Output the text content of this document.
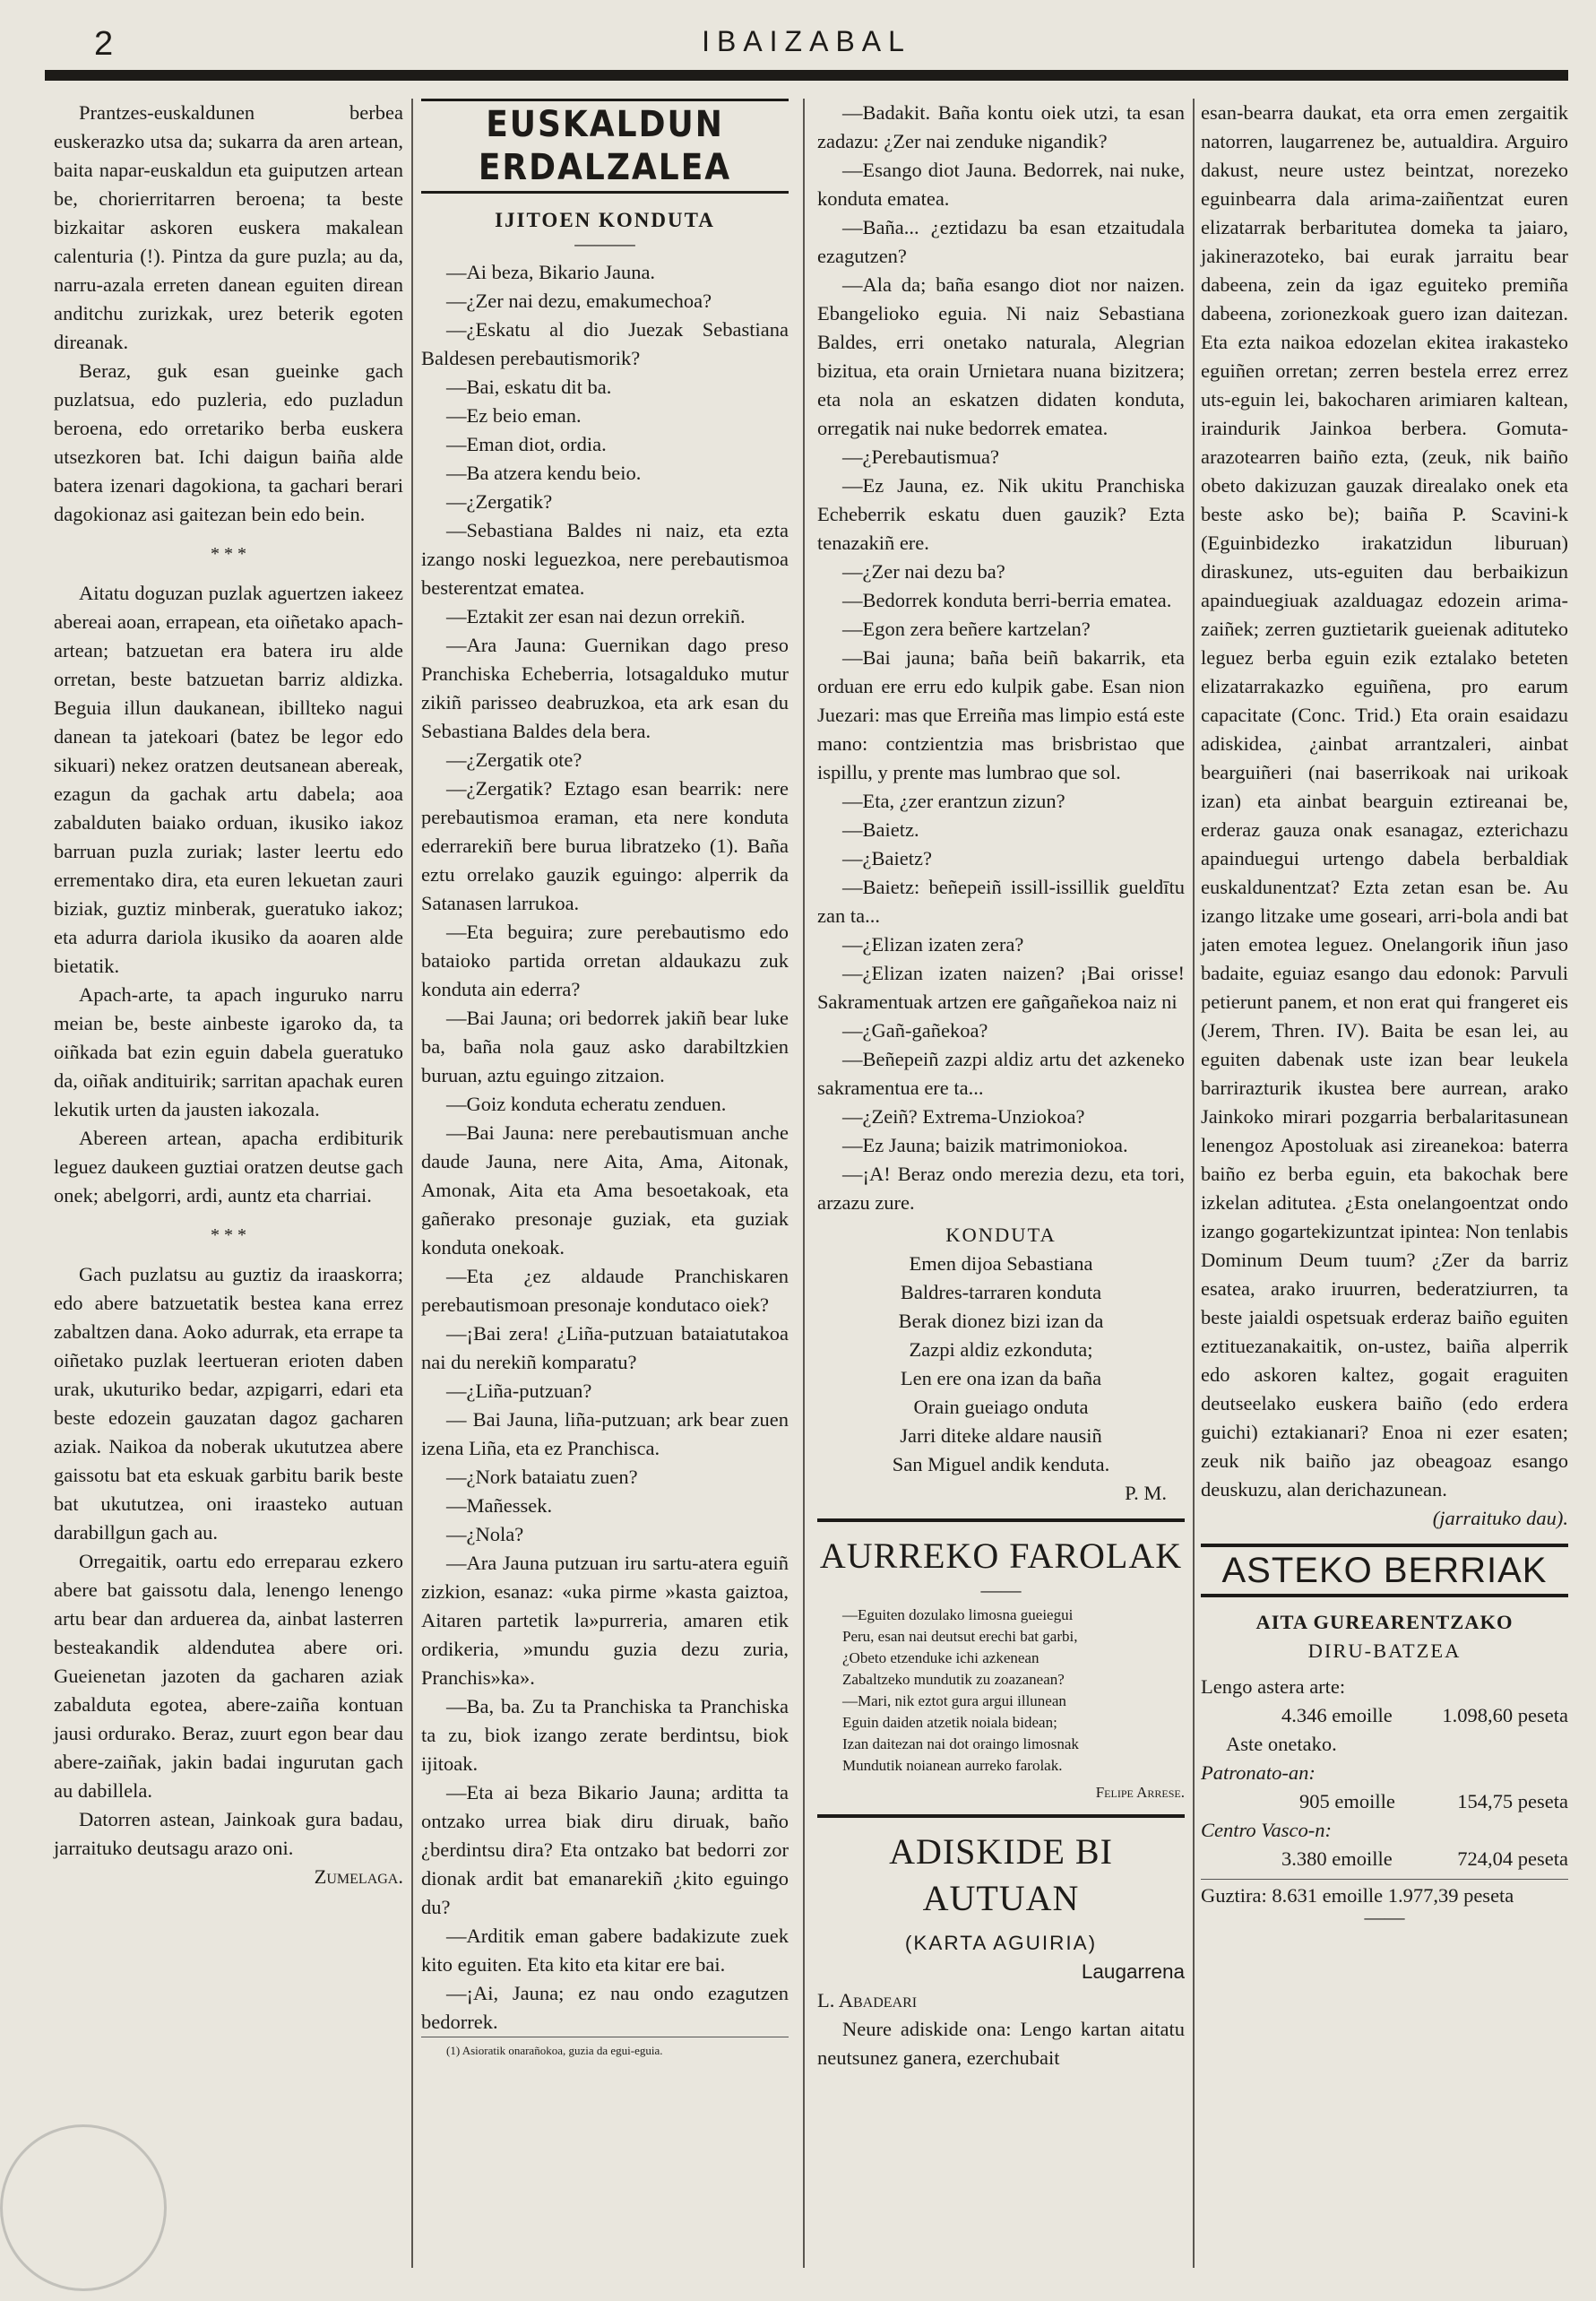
2	IBAIZABAL

Prantzes-euskaldunen berbea euskerazko utsa da; sukarra da aren artean, baita napar-euskaldun eta guiputzen artean be, chorierritarren beroena; ta beste bizkaitar askoren euskera makalean calenturia (!). Pintza da gure puzla; au da, narru-azala erreten danean eguiten direan anditchu zurizkak, urez beterik egoten direanak.

Beraz, guk esan gueinke gach puzlatsua, edo puzleria, edo puzladun beroena, edo orretariko berba euskera utsezkoren bat. Ichi daigun baiña alde batera izenari dagokiona, ta gachari berari dagokionaz asi gaitezan bein edo bein.

* * *

Aitatu doguzan puzlak aguertzen iakeez abereai aoan, errapean, eta oiñetako apach-artean; batzuetan era batera iru alde orretan, beste batzuetan barriz aldizka. Beguia illun daukanean, ibillteko nagui danean ta jatekoari (batez be legor edo sikuari) nekez oratzen deutsanean abereak, ezagun da gachak artu dabela; aoa zabalduten baiako orduan, ikusiko iakoz barruan puzla zuriak; laster leertu edo errementako dira, eta euren lekuetan zauri biziak, guztiz minberak, gueratuko iakoz; eta adurra dariola ikusiko da aoaren alde bietatik.

Apach-arte, ta apach inguruko narru meian be, beste ainbeste igaroko da, ta oiñkada bat ezin eguin dabela gueratuko da, oiñak andituirik; sarritan apachak euren lekutik urten da jausten iakozala.

Abereen artean, apacha erdibiturik leguez daukeen guztiai oratzen deutse gach onek; abelgorri, ardi, auntz eta charriai.

* * *

Gach puzlatsu au guztiz da iraaskorra; edo abere batzuetatik bestea kana errez zabaltzen dana. Aoko adurrak, eta errape ta oiñetako puzlak leertueran erioten daben urak, ukuturiko bedar, azpigarri, edari eta beste edozein gauzatan dagoz gacharen aziak. Naikoa da noberak ukututzea abere gaissotu bat eta eskuak garbitu barik beste bat ukututzea, oni iraasteko autuan darabillgun gach au.

Orregaitik, oartu edo erreparau ezkero abere bat gaissotu dala, lenengo lenengo artu bear dan arduerea da, ainbat lasterren besteakandik aldendutea abere ori. Gueienetan jazoten da gacharen aziak zabalduta egotea, abere-zaiña kontuan jausi ordurako. Beraz, zuurt egon bear dau abere-zaiñak, jakin badai ingurutan gach au dabillela.

Datorren astean, Jainkoak gura badau, jarraituko deutsagu arazo oni.

Zumelaga.

EUSKALDUN ERDALZALEA
IJITOEN KONDUTA
———

—Ai beza, Bikario Jauna.

—¿Zer nai dezu, emakumechoa?

—¿Eskatu al dio Juezak Sebastiana Baldesen perebautismorik?

—Bai, eskatu dit ba.

—Ez beio eman.

—Eman diot, ordia.

—Ba atzera kendu beio.

—¿Zergatik?

—Sebastiana Baldes ni naiz, eta ezta izango noski leguezkoa, nere perebautismoa besterentzat ematea.

—Eztakit zer esan nai dezun orrekiñ.

—Ara Jauna: Guernikan dago preso Pranchiska Echeberria, lotsagalduko mutur zikiñ parisseo deabruzkoa, eta ark esan du Sebastiana Baldes dela bera.

—¿Zergatik ote?

—¿Zergatik? Eztago esan bearrik: nere perebautismoa eraman, eta nere konduta ederrarekiñ bere burua libratzeko (1). Baña eztu orrelako gauzik eguingo: alperrik da Satanasen larrukoa.

—Eta beguira; zure perebautismo edo bataioko partida orretan aldaukazu zuk konduta ain ederra?

—Bai Jauna; ori bedorrek jakiñ bear luke ba, baña nola gauz asko darabiltzkien buruan, aztu eguingo zitzaion.

—Goiz konduta echeratu zenduen.

—Bai Jauna: nere perebautismuan anche daude Jauna, nere Aita, Ama, Aitonak, Amonak, Aita eta Ama besoetakoak, eta gañerako presonaje guziak, eta guziak konduta onekoak.

—Eta ¿ez aldaude Pranchiskaren perebautismoan presonaje kondutaco oiek?

—¡Bai zera! ¿Liña-putzuan bataiatutakoa nai du nerekiñ komparatu?

—¿Liña-putzuan?

— Bai Jauna, liña-putzuan; ark bear zuen izena Liña, eta ez Pranchisca.

—¿Nork bataiatu zuen?

—Mañessek.

—¿Nola?

—Ara Jauna putzuan iru sartu-atera eguiñ zizkion, esanaz: «uka pirme »kasta gaiztoa, Aitaren partetik la»purreria, amaren etik ordikeria, »mundu guzia dezu zuria, Pranchis»ka».

—Ba, ba. Zu ta Pranchiska ta Pranchiska ta zu, biok izango zerate berdintsu, biok ijitoak.

—Eta ai beza Bikario Jauna; arditta ta ontzako urrea biak diru diruak, baño ¿berdintsu dira? Eta ontzako bat bedorri zor dionak ardit bat emanarekiñ ¿kito eguingo du?

—Arditik eman gabere badakizute zuek kito eguiten. Eta kito eta kitar ere bai.

—¡Ai, Jauna; ez nau ondo ezagutzen bedorrek.

(1) Asioratik onarañokoa, guzia da egui-eguia.

—Badakit. Baña kontu oiek utzi, ta esan zadazu: ¿Zer nai zenduke nigandik?

—Esango diot Jauna. Bedorrek, nai nuke, konduta ematea.

—Baña... ¿eztidazu ba esan etzaitudala ezagutzen?

—Ala da; baña esango diot nor naizen. Ebangelioko eguia. Ni naiz Sebastiana Baldes, erri onetako naturala, Alegrian bizitua, eta orain Urnietara nuana bizitzera; eta nola an eskatzen didaten konduta, orregatik nai nuke bedorrek ematea.

—¿Perebautismua?

—Ez Jauna, ez. Nik ukitu Pranchiska Echeberrik eskatu duen gauzik? Ezta tenazakiñ ere.

—¿Zer nai dezu ba?

—Bedorrek konduta berri-berria ematea.

—Egon zera beñere kartzelan?

—Bai jauna; baña beiñ bakarrik, eta orduan ere erru edo kulpik gabe. Esan nion Juezari: mas que Erreiña mas limpio está este mano: contzientzia mas brisbristao que ispillu, y prente mas lumbrao que sol.

—Eta, ¿zer erantzun zizun?

—Baietz.

—¿Baietz?

—Baietz: beñepeiñ issill-issillik gueldītu zan ta...

—¿Elizan izaten zera?

—¿Elizan izaten naizen? ¡Bai orisse! Sakramentuak artzen ere gañgañekoa naiz ni

—¿Gañ-gañekoa?

—Beñepeiñ zazpi aldiz artu det azkeneko sakramentua ere ta...

—¿Zeiñ? Extrema-Unziokoa?

—Ez Jauna; baizik matrimoniokoa.

—¡A! Beraz ondo merezia dezu, eta tori, arzazu zure.

KONDUTA

Emen dijoa Sebastiana

Baldres-tarraren konduta

Berak dionez bizi izan da

Zazpi aldiz ezkonduta;

Len ere ona izan da baña

Orain gueiago onduta

Jarri diteke aldare nausiñ

San Miguel andik kenduta.

P. M.

AURREKO FAROLAK
——

—Eguiten dozulako limosna gueiegui

Peru, esan nai deutsut erechi bat garbi,

¿Obeto etzenduke ichi azkenean

Zabaltzeko mundutik zu zoazanean?

—Mari, nik eztot gura argui illunean

Eguin daiden atzetik noiala bidean;

Izan daitezan nai dot oraingo limosnak

Mundutik noianean aurreko farolak.

Felipe Arrese.

ADISKIDE BI AUTUAN

(KARTA AGUIRIA)

Laugarrena

L. Abadeari

Neure adiskide ona: Lengo kartan aitatu neutsunez ganera, ezerchubait

esan-bearra daukat, eta orra emen zergaitik natorren, laugarrenez be, autualdira. Arguiro dakust, neure ustez beintzat, norezeko eguinbearra dala arima-zaiñentzat euren elizatarrak berbaritutea domeka ta jaiaro, jakinerazoteko, bai eurak jarraitu bear dabeena, zein da igaz eguiteko premiña dabeena, zorionezkoak guero izan daitezan. Eta ezta naikoa edozelan ekitea irakasteko eguiñen orretan; zerren bestela errez errez uts-eguin lei, bakocharen arimiaren kaltean, iraindurik Jainkoa berbera. Gomuta-arazotearren baiño ezta, (zeuk, nik baiño obeto dakizuzan gauzak direalako onek eta beste asko be); baiña P. Scavini-k (Eguinbidezko irakatzidun liburuan) diraskunez, uts-eguiten dau berbaikizun apainduegiuak azalduagaz edozein arima-zaiñek; zerren guztietarik gueienak adituteko leguez berba eguin ezik eztalako beteten elizatarrakazko eguiñena, pro earum capacitate (Conc. Trid.) Eta orain esaidazu adiskidea, ¿ainbat arrantzaleri, ainbat bearguiñeri (nai baserrikoak nai urikoak izan) eta ainbat bearguin eztireanai be, erderaz gauza onak esanagaz, ezterichazu apainduegui urtengo dabela berbaldiak euskaldunentzat? Ezta zetan esan be. Au izango litzake ume goseari, arri-bola andi bat jaten emotea leguez. Onelangorik iñun jaso badaite, eguiaz esango dau edonok: Parvuli petierunt panem, et non erat qui frangeret eis (Jerem, Thren. IV). Baita be esan lei, au eguiten dabenak uste izan bear leukela barrirazturik ikustea bere aurrean, arako Jainkoko mirari pozgarria berbalaritasunean lenengoz Apostoluak asi zireanekoa: baterra baiño ez berba eguin, eta bakochak bere izkelan aditutea. ¿Esta onelangoentzat ondo izango gogartekizuntzat ipintea: Non tenlabis Dominum Deum tuum? ¿Zer da barriz esatea, arako iruurren, bederatziurren, ta beste jaialdi ospetsuak erderaz baiño eguiten eztituezanakaitik, on-ustez, baiña alperrik edo askoren kaltez, gogait eraguiten deutseelako euskera baiño (edo erdera guichi) eztakianari? Enoa ni ezer esaten; zeuk nik baiño jaz obeagoaz esango deuskuzu, alan derichazunean.

(jarraituko dau).

ASTEKO BERRIAK

AITA GUREARENTZAKO

DIRU-BATZEA

Lengo astera arte:

4.346 emoille 1.098,60 peseta

Aste onetako.

Patronato-an:

905 emoille	154,75 peseta

Centro Vasco-n:

3.380 emoille	724,04 peseta

Guztira: 8.631 emoille 1.977,39 peseta

——
